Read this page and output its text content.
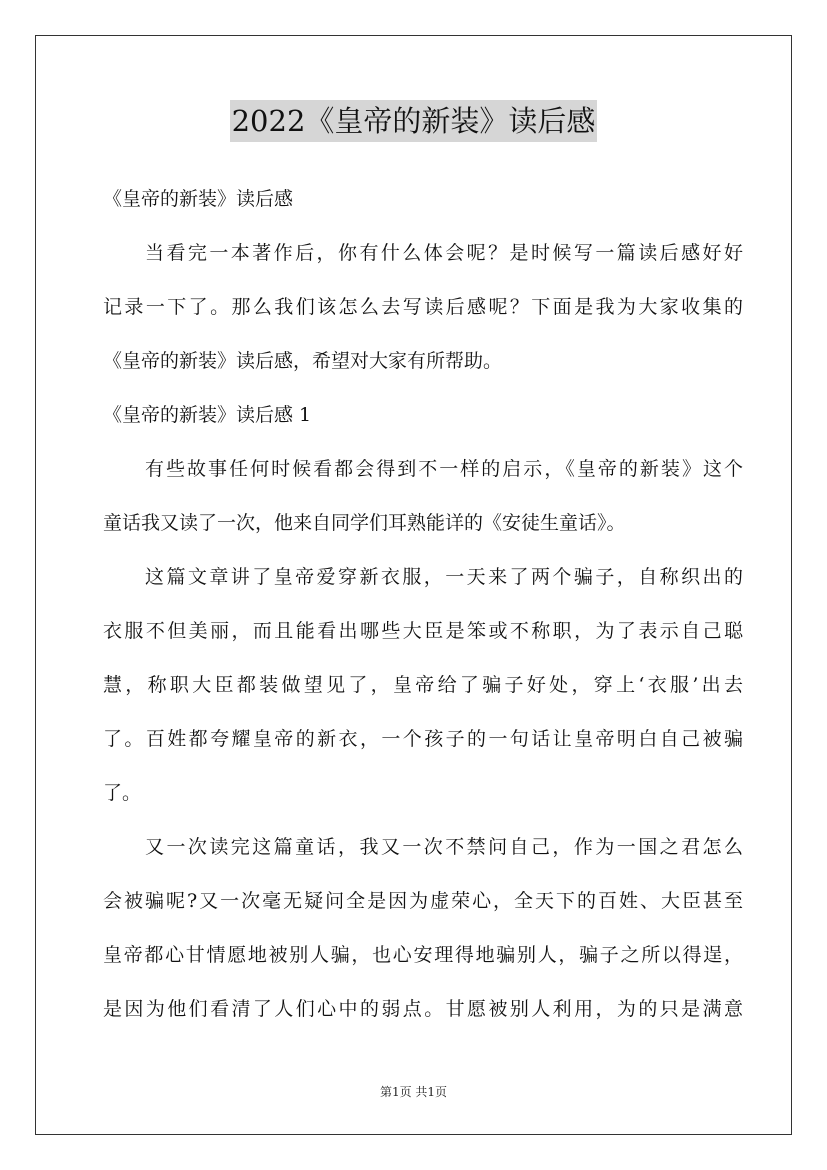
2022《皇帝的新装》读后感
《皇帝的新装》读后感
当看完一本著作后，你有什么体会呢？是时候写一篇读后感好好
记录一下了。那么我们该怎么去写读后感呢？下面是我为大家收集的
《皇帝的新装》读后感，希望对大家有所帮助。
《皇帝的新装》读后感 1
有些故事任何时候看都会得到不一样的启示，《皇帝的新装》这个
童话我又读了一次，他来自同学们耳熟能详的《安徒生童话》。
这篇文章讲了皇帝爱穿新衣服，一天来了两个骗子，自称织出的
衣服不但美丽，而且能看出哪些大臣是笨或不称职，为了表示自己聪
慧，称职大臣都装做望见了，皇帝给了骗子好处，穿上‘衣服’出去
了。百姓都夸耀皇帝的新衣，一个孩子的一句话让皇帝明白自己被骗
了。
又一次读完这篇童话，我又一次不禁问自己，作为一国之君怎么
会被骗呢?又一次毫无疑问全是因为虚荣心，全天下的百姓、大臣甚至
皇帝都心甘情愿地被别人骗，也心安理得地骗别人，骗子之所以得逞，
是因为他们看清了人们心中的弱点。甘愿被别人利用，为的只是满意
第1页 共1页
